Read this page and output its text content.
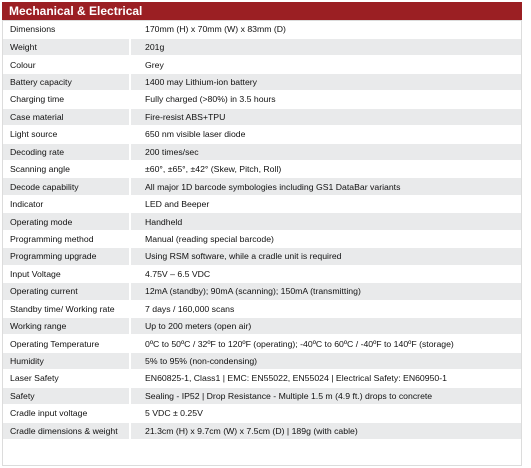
Mechanical & Electrical
Dimensions	170mm (H) x 70mm (W) x 83mm (D)
Weight	201g
Colour	Grey
Battery capacity	1400 may Lithium-ion battery
Charging time	Fully charged (>80%) in 3.5 hours
Case material	Fire-resist ABS+TPU
Light source	650 nm visible laser diode
Decoding rate	200 times/sec
Scanning angle	±60°, ±65°, ±42° (Skew, Pitch, Roll)
Decode capability	All major 1D barcode symbologies including GS1 DataBar variants
Indicator	LED and Beeper
Operating mode	Handheld
Programming method	Manual (reading special barcode)
Programming upgrade	Using RSM software, while a cradle unit is required
Input Voltage	4.75V – 6.5 VDC
Operating current	12mA (standby); 90mA (scanning); 150mA (transmitting)
Standby time/ Working rate	7 days / 160,000 scans
Working range	Up to 200 meters (open air)
Operating Temperature	0ºC to 50ºC / 32ºF to 120ºF (operating); -40ºC to 60ºC / -40ºF to 140ºF (storage)
Humidity	5% to 95% (non-condensing)
Laser Safety	EN60825-1, Class1 | EMC: EN55022, EN55024 | Electrical Safety: EN60950-1
Safety	Sealing - IP52 | Drop Resistance - Multiple 1.5 m (4.9 ft.) drops to concrete
Cradle input voltage	5 VDC ± 0.25V
Cradle dimensions & weight	21.3cm (H) x 9.7cm (W) x 7.5cm (D) | 189g (with cable)
